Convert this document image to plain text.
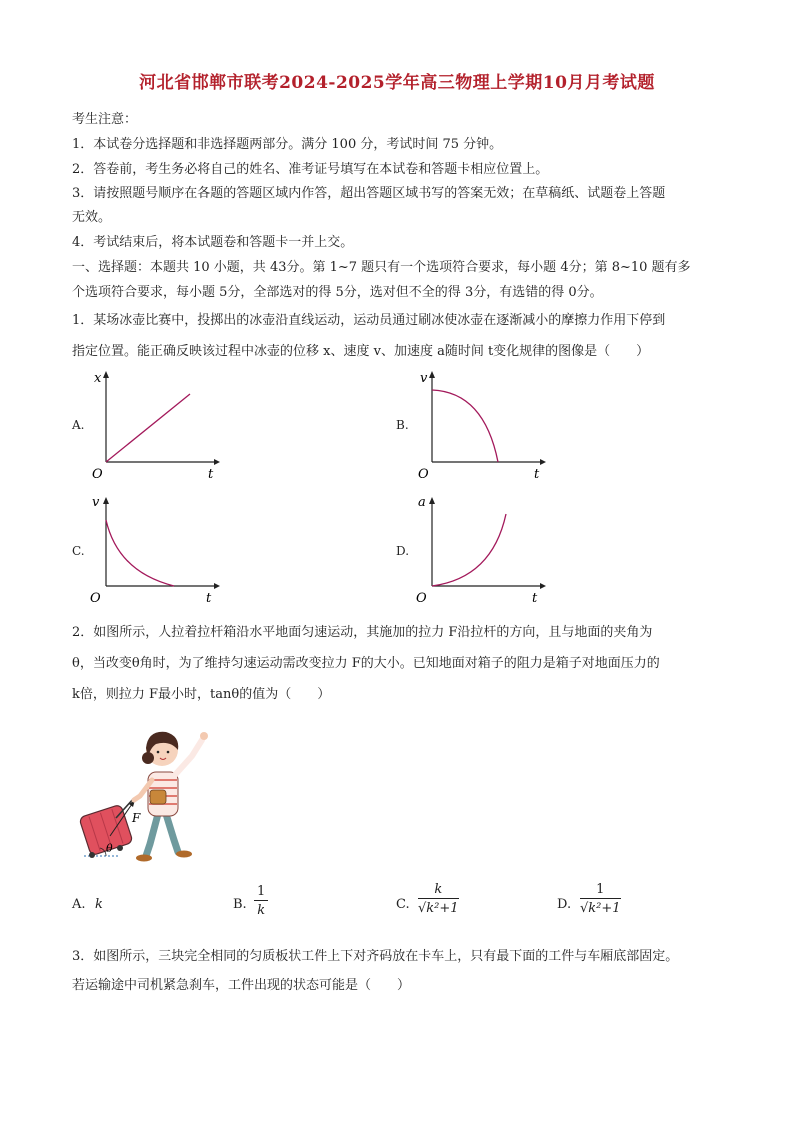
河北省邯郸市联考2024-2025学年高三物理上学期10月月考试题
考生注意：
1．本试卷分选择题和非选择题两部分。满分 100 分，考试时间 75 分钟。
2．答卷前，考生务必将自己的姓名、准考证号填写在本试卷和答题卡相应位置上。
3．请按照题号顺序在各题的答题区域内作答，超出答题区域书写的答案无效；在草稿纸、试题卷上答题
无效。
4．考试结束后，将本试题卷和答题卡一并上交。
一、选择题：本题共 10 小题，共 43分。第 1~7 题只有一个选项符合要求，每小题 4分；第 8~10 题有多
个选项符合要求，每小题 5分，全部选对的得 5分，选对但不全的得 3分，有选错的得 0分。
1．某场冰壶比赛中，投掷出的冰壶沿直线运动，运动员通过刷冰使冰壶在逐渐减小的摩擦力作用下停到
指定位置。能正确反映该过程中冰壶的位移 x、速度 v、加速度 a随时间 t变化规律的图像是（　　）
A.
x
t
O
B.
v
t
O
C.
v
t
O
D.
a
t
O
2．如图所示，人拉着拉杆箱沿水平地面匀速运动，其施加的拉力 F沿拉杆的方向，且与地面的夹角为
θ，当改变θ角时，为了维持匀速运动需改变拉力 F的大小。已知地面对箱子的阻力是箱子对地面压力的
k倍，则拉力 F最小时，tanθ的值为（　　）
F
θ
A. k	B. $\frac{1}{k}$	C. $\frac{k}{\text{√k²+1}}$	D. $\frac{1}{\text{√k²+1}}$
3．如图所示，三块完全相同的匀质板状工件上下对齐码放在卡车上，只有最下面的工件与车厢底部固定。
若运输途中司机紧急刹车，工件出现的状态可能是（　　）
